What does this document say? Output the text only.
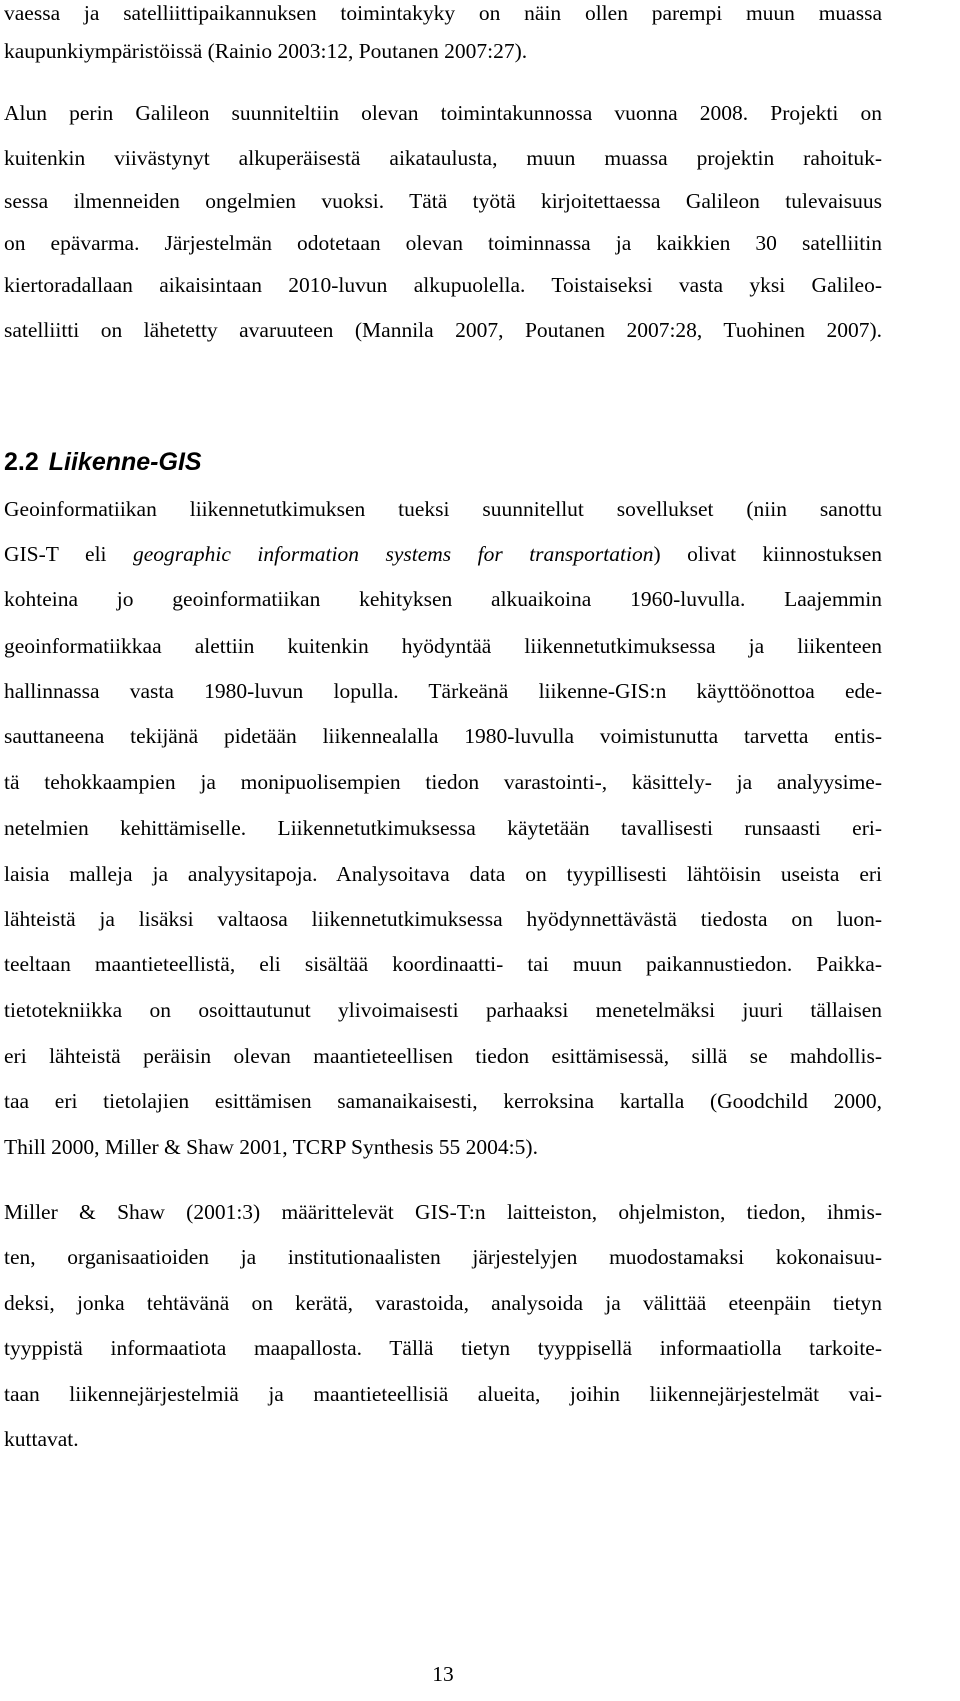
vaessa ja satelliittipaikannuksen toimintakyky on näin ollen parempi muun muassa
kaupunkiympäristöissä (Rainio 2003:12, Poutanen 2007:27).
Alun perin Galileon suunniteltiin olevan toimintakunnossa vuonna 2008. Projekti on
kuitenkin viivästynyt alkuperäisestä aikataulusta, muun muassa projektin rahoituk-
sessa ilmenneiden ongelmien vuoksi. Tätä työtä kirjoitettaessa Galileon tulevaisuus
on epävarma. Järjestelmän odotetaan olevan toiminnassa ja kaikkien 30 satelliitin
kiertoradallaan aikaisintaan 2010-luvun alkupuolella. Toistaiseksi vasta yksi Galileo-
satelliitti on lähetetty avaruuteen (Mannila 2007, Poutanen 2007:28, Tuohinen 2007).
2.2 Liikenne-GIS
Geoinformatiikan liikennetutkimuksen tueksi suunnitellut sovellukset (niin sanottu
GIS-T eli geographic information systems for transportation) olivat kiinnostuksen
kohteina jo geoinformatiikan kehityksen alkuaikoina 1960-luvulla. Laajemmin
geoinformatiikkaa alettiin kuitenkin hyödyntää liikennetutkimuksessa ja liikenteen
hallinnassa vasta 1980-luvun lopulla. Tärkeänä liikenne-GIS:n käyttöönottoa ede-
sauttaneena tekijänä pidetään liikennealalla 1980-luvulla voimistunutta tarvetta entis-
tä tehokkaampien ja monipuolisempien tiedon varastointi-, käsittely- ja analyysime-
netelmien kehittämiselle. Liikennetutkimuksessa käytetään tavallisesti runsaasti eri-
laisia malleja ja analyysitapoja. Analysoitava data on tyypillisesti lähtöisin useista eri
lähteistä ja lisäksi valtaosa liikennetutkimuksessa hyödynnettävästä tiedosta on luon-
teeltaan maantieteellistä, eli sisältää koordinaatti- tai muun paikannustiedon. Paikka-
tietotekniikka on osoittautunut ylivoimaisesti parhaaksi menetelmäksi juuri tällaisen
eri lähteistä peräisin olevan maantieteellisen tiedon esittämisessä, sillä se mahdollis-
taa eri tietolajien esittämisen samanaikaisesti, kerroksina kartalla (Goodchild 2000,
Thill 2000, Miller & Shaw 2001, TCRP Synthesis 55 2004:5).
Miller & Shaw (2001:3) määrittelevät GIS-T:n laitteiston, ohjelmiston, tiedon, ihmis-
ten, organisaatioiden ja institutionaalisten järjestelyjen muodostamaksi kokonaisuu-
deksi, jonka tehtävänä on kerätä, varastoida, analysoida ja välittää eteenpäin tietyn
tyyppistä informaatiota maapallosta. Tällä tietyn tyyppisellä informaatiolla tarkoite-
taan liikennejärjestelmiä ja maantieteellisiä alueita, joihin liikennejärjestelmät vai-
kuttavat.
13
